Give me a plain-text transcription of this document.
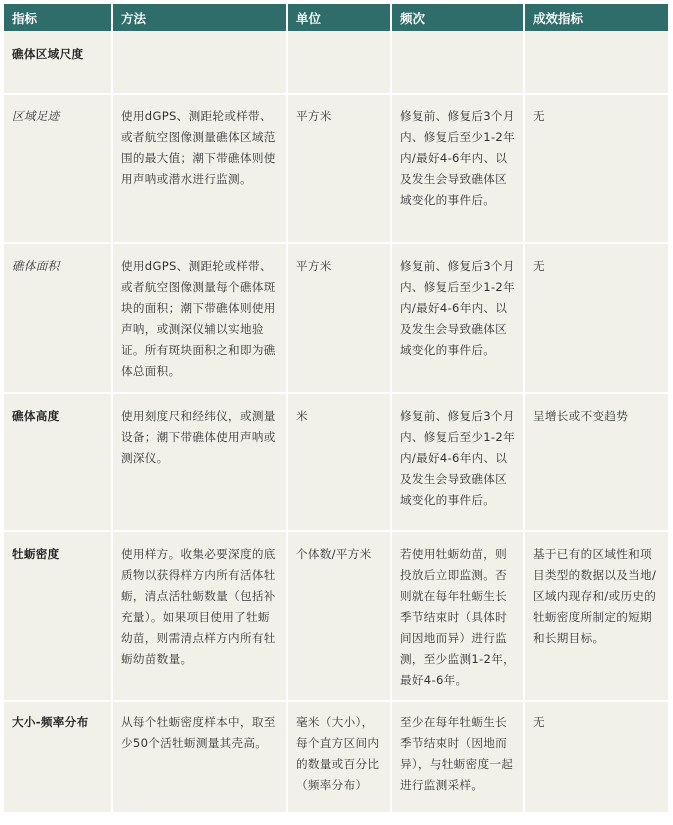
指标	方法	单位	频次	成效指标
礁体区域尺度				
区域足迹	使用dGPS、测距轮或样带、或者航空图像测量礁体区域范围的最大值；潮下带礁体则使用声呐或潜水进行监测。	平方米	修复前、修复后3个月内、修复后至少1-2年内/最好4-6年内、以及发生会导致礁体区域变化的事件后。	无
礁体面积	使用dGPS、测距轮或样带、或者航空图像测量每个礁体斑块的面积；潮下带礁体则使用声呐，或测深仪辅以实地验证。所有斑块面积之和即为礁体总面积。	平方米	修复前、修复后3个月内、修复后至少1-2年内/最好4-6年内、以及发生会导致礁体区域变化的事件后。	无
礁体高度	使用刻度尺和经纬仪，或测量设备；潮下带礁体使用声呐或测深仪。	米	修复前、修复后3个月内、修复后至少1-2年内/最好4-6年内、以及发生会导致礁体区域变化的事件后。	呈增长或不变趋势
牡蛎密度	使用样方。收集必要深度的底质物以获得样方内所有活体牡蛎，清点活牡蛎数量（包括补充量）。如果项目使用了牡蛎幼苗，则需清点样方内所有牡蛎幼苗数量。	个体数/平方米	若使用牡蛎幼苗，则投放后立即监测。否则就在每年牡蛎生长季节结束时（具体时间因地而异）进行监测，至少监测1-2年，最好4-6年。	基于已有的区域性和项目类型的数据以及当地/区域内现存和/或历史的牡蛎密度所制定的短期和长期目标。
大小-频率分布	从每个牡蛎密度样本中，取至少50个活牡蛎测量其壳高。	毫米（大小），每个直方区间内的数量或百分比（频率分布）	至少在每年牡蛎生长季节结束时（因地而异），与牡蛎密度一起进行监测采样。	无
